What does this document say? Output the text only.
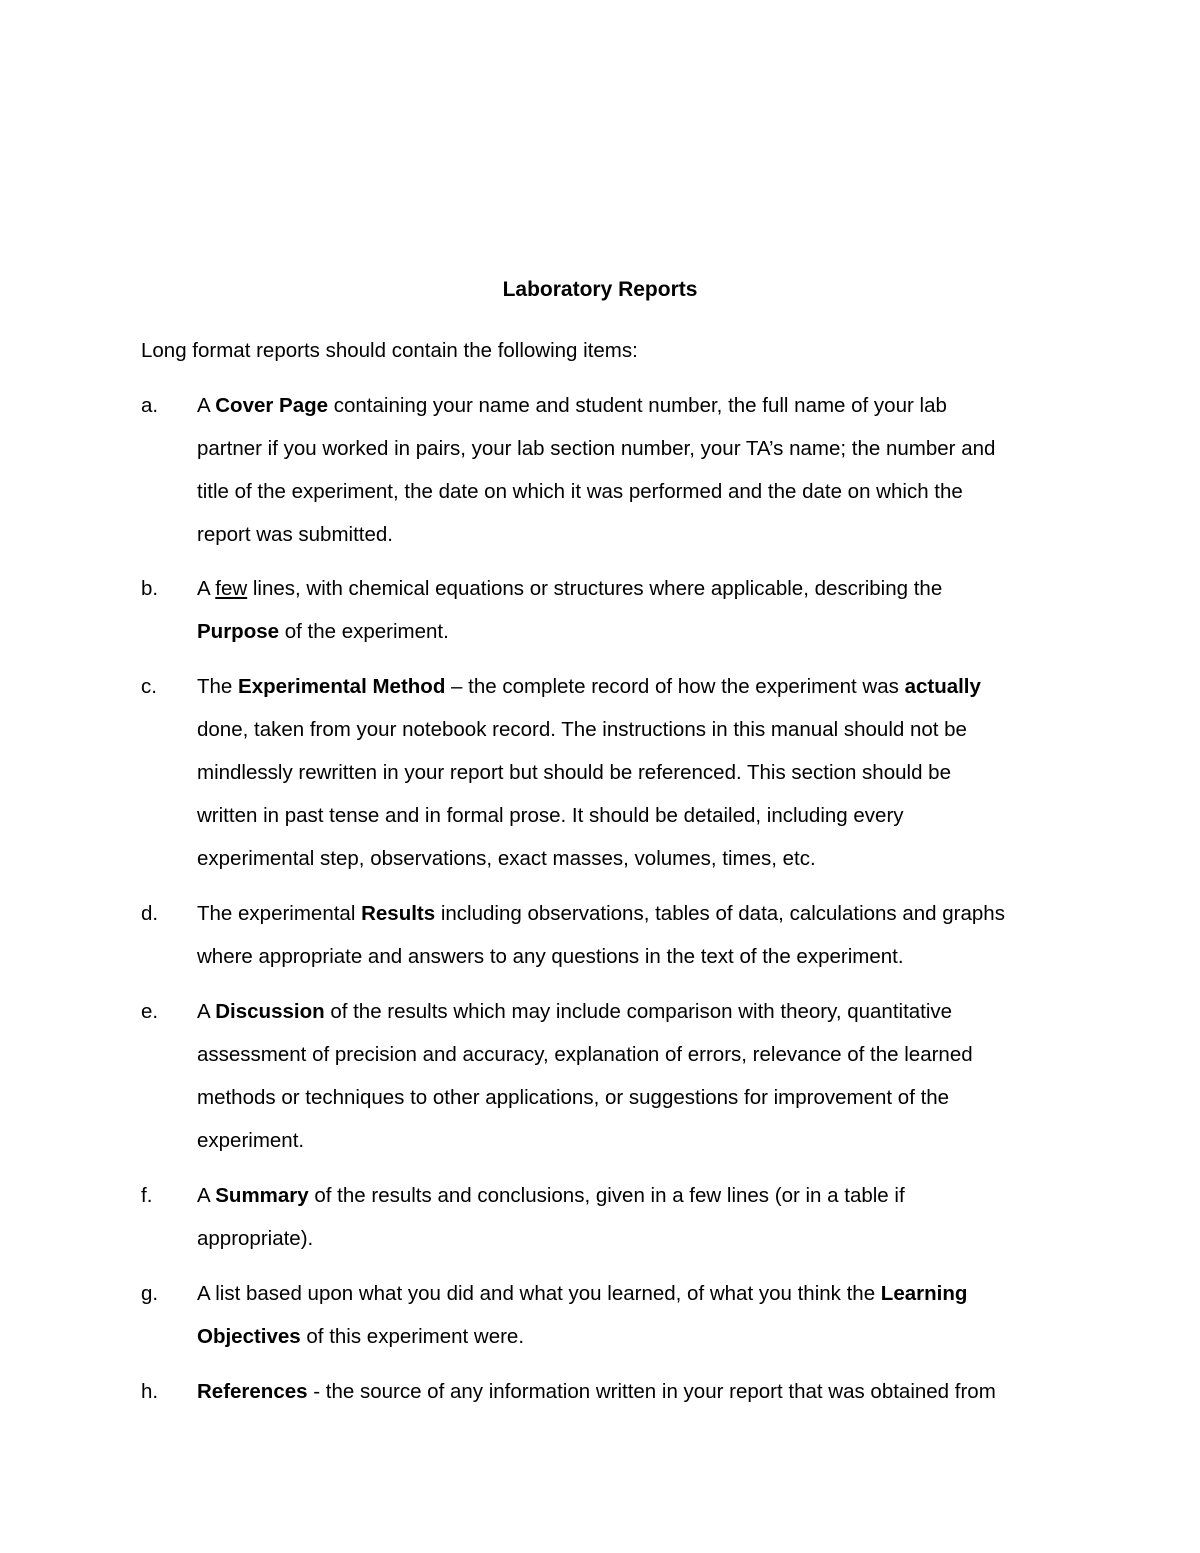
Laboratory Reports
Long format reports should contain the following items:
a. A Cover Page containing your name and student number, the full name of your lab
partner if you worked in pairs, your lab section number, your TA’s name; the number and
title of the experiment, the date on which it was performed and the date on which the
report was submitted.
b. A few lines, with chemical equations or structures where applicable, describing the
Purpose of the experiment.
c. The Experimental Method – the complete record of how the experiment was actually
done, taken from your notebook record. The instructions in this manual should not be
mindlessly rewritten in your report but should be referenced. This section should be
written in past tense and in formal prose. It should be detailed, including every
experimental step, observations, exact masses, volumes, times, etc.
d. The experimental Results including observations, tables of data, calculations and graphs
where appropriate and answers to any questions in the text of the experiment.
e. A Discussion of the results which may include comparison with theory, quantitative
assessment of precision and accuracy, explanation of errors, relevance of the learned
methods or techniques to other applications, or suggestions for improvement of the
experiment.
f. A Summary of the results and conclusions, given in a few lines (or in a table if
appropriate).
g. A list based upon what you did and what you learned, of what you think the Learning
Objectives of this experiment were.
h. References - the source of any information written in your report that was obtained from
